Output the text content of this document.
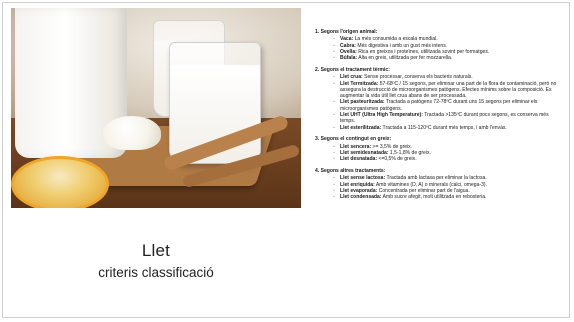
Llet
criteris classificació
1. Segons l'origen animal:
◦	Vaca: La més consumida a escala mundial.
◦	Cabra: Més digestiva i amb un gust més intens.
◦	Ovella: Rica en greixos i proteïnes, utilitzada sovint per formatges.
◦	Búfala: Alta en greix, utilitzada per fer mozzarella.
2. Segons el tractament tèrmic:
◦	Llet crua: Sense processar, conserva els bacteris naturals.
◦	Llet Termitzada: 57-68ºC / 15 segons, per eliminar una part de la flora de contaminació, però no assegura la destrucció de microorganismes patògens. Efectes mínims sobre la composició. Es augmentar la vida útil llet crua abans de ser processada.
◦	Llet pasteuritzada: Tractada a patògens 72-78ºC durant uns 15 segons per eliminar els microorganismes patògens.
◦	Llet UHT (Ultra High Temperature): Tractada >135ºC durant pocs segons, es conserva més temps.
◦	Llet esterilitzada: Tractada a 115-120ºC durant més temps, i amb l'envàs.
3. Segons el contingut en greix:
◦	Llet sencera: >= 3,5% de greix.
◦	Llet semidesnatada: 1,5-1,8% de greix.
◦	Llet desnatada: <=0,5% de greix.
4. Segons altres tractaments:
◦	Llet sense lactosa: Tractada amb lactasa per eliminar la lactosa.
◦	Llet enriquida: Amb vitamines (D, A) o minerals (calci, omega-3).
◦	Llet evaporada: Concentrada per eliminar part de l'aigua.
◦	Llet condensada: Amb sucre afegit, molt utilitzada en rebosteria.
